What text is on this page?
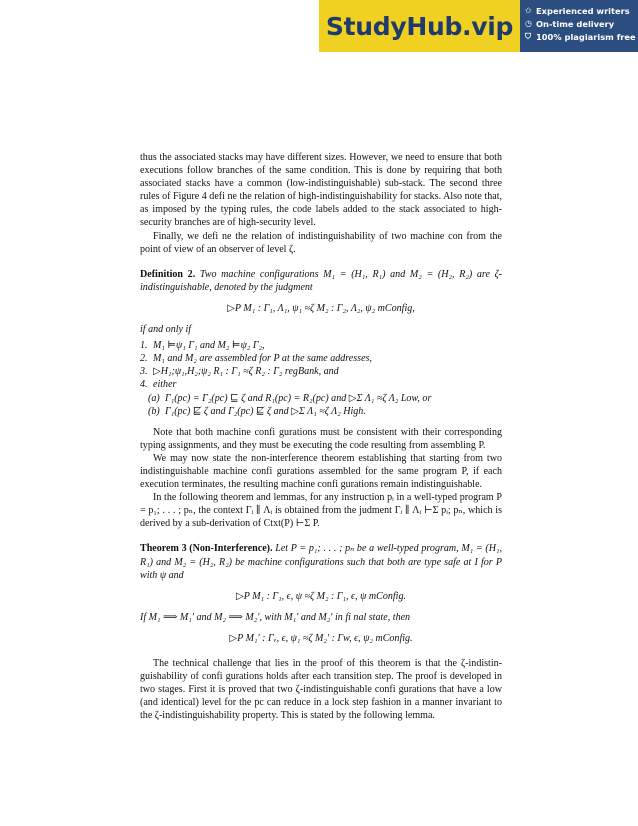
StudyHub.vip
✩ Experienced writers
◷ On-time delivery
⛉ 100% plagiarism free

thus the associated stacks may have different sizes. However, we need to ensure that both executions follow branches of the same condition. This is done by requiring that both associated stacks have a common (low-indistinguishable) sub-stack. The second three rules of Figure 4 defi ne the relation of high-indistinguishability for stacks. Also note that, as imposed by the typing rules, the code labels added to the stack associated to high-security branches are of high-security level.

Finally, we defi ne the relation of indistinguishability of two machine con from the point of view of an observer of level ζ.

Definition 2. Two machine configurations M₁ = (H₁, R₁) and M₂ = (H₂, R₂) are ζ-indistinguishable, denoted by the judgment

▷P M₁ : Γ₁, Λ₁, ψ₁ ≈ζ M₂ : Γ₂, Λ₂, ψ₂ mConfig,

if and only if

1. M₁ ⊨ψ₁ Γ₁ and M₂ ⊨ψ₂ Γ₂,
2. M₁ and M₂ are assembled for P at the same addresses,
3. ▷H₁;ψ₁,H₂;ψ₂ R₁ : Γ₁ ≈ζ R₂ : Γ₂ regBank, and
4. either
(a) Γ₁(pc) = Γ₂(pc) ⊑ ζ and R₁(pc) = R₂(pc) and ▷Σ Λ₁ ≈ζ Λ₂ Low, or
(b) Γ₁(pc) ⋢ ζ and Γ₂(pc) ⋢ ζ and ▷Σ Λ₁ ≈ζ Λ₂ High.

Note that both machine confi gurations must be consistent with their corresponding typing assignments, and they must be executing the code resulting from assembling P.

We may now state the non-interference theorem establishing that starting from two indistinguishable machine confi gurations assembled for the same program P, if each execution terminates, the resulting machine confi gurations remain indistinguishable.

In the following theorem and lemmas, for any instruction pᵢ in a well-typed program P = p₁; . . . ; pₙ, the context Γᵢ ∥ Λᵢ is obtained from the judment Γᵢ ∥ Λᵢ ⊢Σ pᵢ; pₙ, which is derived by a sub-derivation of Ctxt(P) ⊢Σ P.

Theorem 3 (Non-Interference). Let P = p₁; . . . ; pₙ be a well-typed program, M₁ = (H₁, R₁) and M₂ = (H₂, R₂) be machine configurations such that both are type safe at I for P with ψ and

▷P M₁ : Γ₁, ϵ, ψ ≈ζ M₂ : Γ₁, ϵ, ψ mConfig.

If M₁ ⟹ M₁′ and M₂ ⟹ M₂′, with M₁′ and M₂′ in fi nal state, then

▷P M₁′ : Γᵥ, ϵ, ψ₁ ≈ζ M₂′ : Γw, ϵ, ψ₂ mConfig.

The technical challenge that lies in the proof of this theorem is that the ζ-indistin-guishability of confi gurations holds after each transition step. The proof is developed in two stages. First it is proved that two ζ-indistinguishable confi gurations that have a low (and identical) level for the pc can reduce in a lock step fashion in a manner invariant to the ζ-indistinguishability property. This is stated by the following lemma.
